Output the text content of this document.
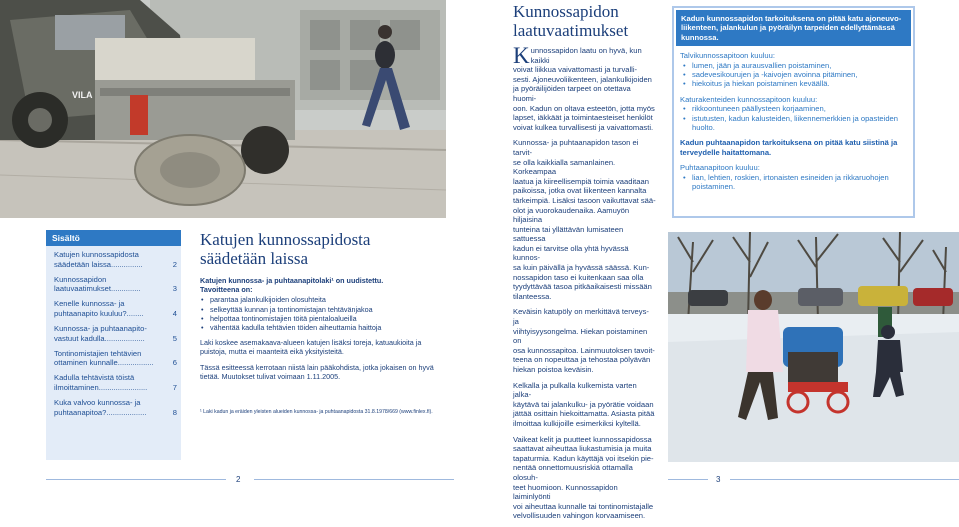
VILA
Sisältö
Katujen kunnossapidosta
säädetään laissa...............	2
Kunnossapidon
laatuvaatimukset..............	3
Kenelle kunnossa- ja
puhtaanapito kuuluu?........	4
Kunnossa- ja puhtaanapito-
vastuut kadulla...................	5
Tontinomistajien tehtävien
ottaminen kunnalle.................	6
Kadulla tehtävistä töistä
ilmoittaminen.......................	7
Kuka valvoo kunnossa- ja
puhtaanapitoa?...................	8
Katujen kunnossapidosta
säädetään laissa
Katujen kunnossa- ja puhtaanapitolaki¹ on uudistettu.
Tavoitteena on:
• parantaa jalankulkijoiden olosuhteita
• selkeyttää kunnan ja tontinomistajan tehtävänjakoa
• helpottaa tontinomistajien töitä pientaloalueilla
• vähentää kadulla tehtävien töiden aiheuttamia haittoja

Laki koskee asemakaava-alueen katujen lisäksi toreja, katuaukioita ja puistoja, mutta ei maanteitä eikä yksityisteitä.

Tässä esitteessä kerrotaan niistä lain pääkohdista, jotka jokaisen on hyvä tietää. Muutokset tulivat voimaan 1.11.2005.

¹ Laki kadun ja eräiden yleisten alueiden kunnossa- ja puhtaanapidosta 31.8.1978/669 (www.finlex.fi).
2
Kunnossapidon
laatuvaatimukset

K unnossapidon laatu on hyvä, kun kaikki
voivat liikkua vaivattomasti ja turvalli-
sesti. Ajoneuvoliikenteen, jalankulkijoiden
ja pyöräilijöiden tarpeet on otettava huomi-
oon. Kadun on oltava esteetön, jotta myös
lapset, iäkkäät ja toimintaesteiset henkilöt
voivat kulkea turvallisesti ja vaivattomasti.

Kunnossa- ja puhtaanapidon tason ei tarvit-
se olla kaikkialla samanlainen. Korkeampaa
laatua ja kiireellisempiä toimia vaaditaan
paikoissa, jotka ovat liikenteen kannalta
tärkeimpiä. Lisäksi tasoon vaikuttavat sää-
olot ja vuorokaudenaika. Aamuyön hiljaisina
tunteina tai yllättävän lumisateen sattuessa
kadun ei tarvitse olla yhtä hyvässä kunnos-
sa kuin päivällä ja hyvässä säässä. Kun-
nossapidon taso ei kuitenkaan saa olla
tyydyttävää tasoa pitkäaikaisesti missään
tilanteessa.

Keväisin katupöly on merkittävä terveys- ja
viihtyisyysongelma. Hiekan poistaminen on
osa kunnossapitoa. Lainmuutoksen tavoit-
teena on nopeuttaa ja tehostaa pölyävän
hiekan poistoa keväisin.

Kelkalla ja pulkalla kulkemista varten jalka-
käytävä tai jalankulku- ja pyörätie voidaan
jättää osittain hiekoittamatta. Asiasta pitää
ilmoittaa kulkijoille esimerkiksi kyltellä.

Vaikeat kelit ja puutteet kunnossapidossa
saattavat aiheuttaa liukastumisia ja muita
tapaturmia. Kadun käyttäjä voi itsekin pie-
nentää onnettomuusriskiä ottamalla olosuh-
teet huomioon. Kunnossapidon laiminlyönti
voi aiheuttaa kunnalle tai tontinomistajalle
velvollisuuden vahingon korvaamiseen.

Kadun kunnossapidon tarkoituksena on pitää katu ajoneuvo-liikenteen, jalankulun ja pyöräilyn tarpeiden edellyttämässä kunnossa.
Talvikunnossapitoon kuuluu:
• lumen, jään ja aurausvallien poistaminen,
• sadevesikourujen ja -kaivojen avoinna pitäminen,
• hiekoitus ja hiekan poistaminen keväällä.
Katurakenteiden kunnossapitoon kuuluu:
• rikkoontuneen päällysteen korjaaminen,
• istutusten, kadun kalusteiden, liikennemerkkien ja opasteiden huolto.
Kadun puhtaanapidon tarkoituksena on pitää katu siistinä ja terveydelle haitattomana.
Puhtaanapitoon kuuluu:
• lian, lehtien, roskien, irtonaisten esineiden ja rikkaruohojen poistaminen.
3
